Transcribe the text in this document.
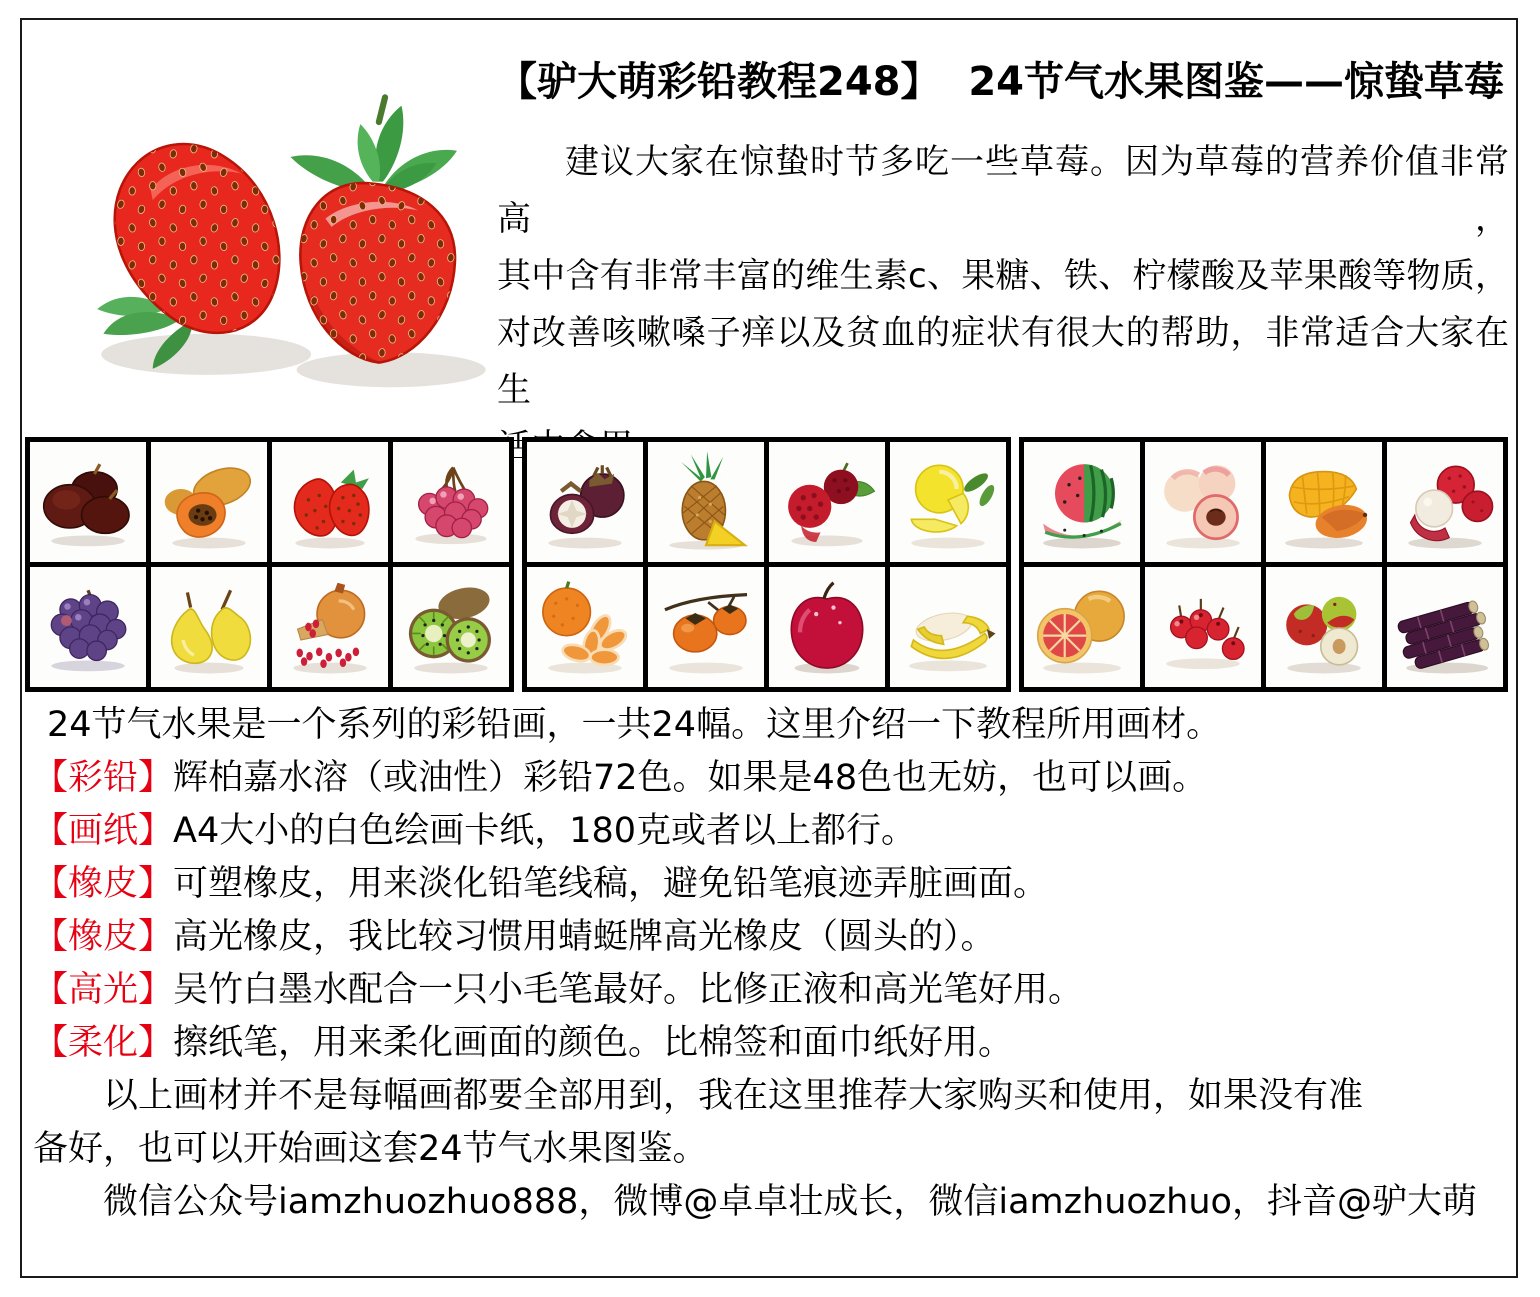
【驴大萌彩铅教程248】  24节气水果图鉴——惊蛰草莓
建议大家在惊蛰时节多吃一些草莓。因为草莓的营养价值非常高，
其中含有非常丰富的维生素c、果糖、铁、柠檬酸及苹果酸等物质，
对改善咳嗽嗓子痒以及贫血的症状有很大的帮助，非常适合大家在生

24节气水果是一个系列的彩铅画，一共24幅。这里介绍一下教程所用画材。

【彩铅】辉柏嘉水溶（或油性）彩铅72色。如果是48色也无妨，也可以画。

【画纸】A4大小的白色绘画卡纸，180克或者以上都行。

【橡皮】可塑橡皮，用来淡化铅笔线稿，避免铅笔痕迹弄脏画面。

【橡皮】高光橡皮，我比较习惯用蜻蜓牌高光橡皮（圆头的）。

【高光】吴竹白墨水配合一只小毛笔最好。比修正液和高光笔好用。

【柔化】擦纸笔，用来柔化画面的颜色。比棉签和面巾纸好用。

以上画材并不是每幅画都要全部用到，我在这里推荐大家购买和使用，如果没有准

备好，也可以开始画这套24节气水果图鉴。

微信公众号iamzhuozhuo888，微博@卓卓壮成长，微信iamzhuozhuo，抖音@驴大萌
